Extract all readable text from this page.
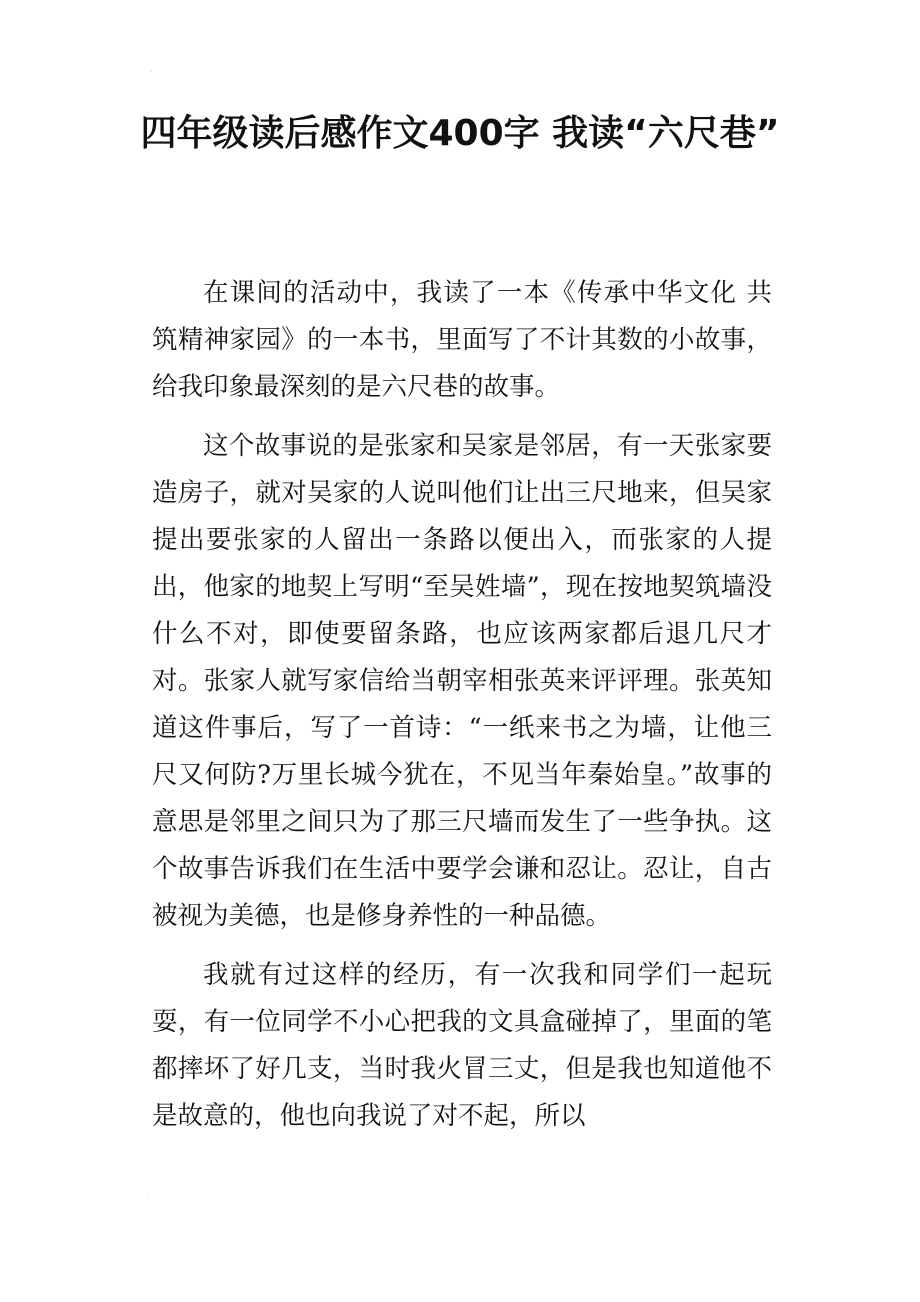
·
四年级读后感作文400字 我读“六尺巷”

在课间的活动中，我读了一本《传承中华文化 共筑精神家园》的一本书，里面写了不计其数的小故事，给我印象最深刻的是六尺巷的故事。

这个故事说的是张家和吴家是邻居，有一天张家要造房子，就对吴家的人说叫他们让出三尺地来，但吴家提出要张家的人留出一条路以便出入，而张家的人提出，他家的地契上写明“至吴姓墙”，现在按地契筑墙没什么不对，即使要留条路，也应该两家都后退几尺才对。张家人就写家信给当朝宰相张英来评评理。张英知道这件事后，写了一首诗：“一纸来书之为墙，让他三尺又何防?万里长城今犹在，不见当年秦始皇。”故事的意思是邻里之间只为了那三尺墙而发生了一些争执。这个故事告诉我们在生活中要学会谦和忍让。忍让，自古被视为美德，也是修身养性的一种品德。

我就有过这样的经历，有一次我和同学们一起玩耍，有一位同学不小心把我的文具盒碰掉了，里面的笔都摔坏了好几支，当时我火冒三丈，但是我也知道他不是故意的，他也向我说了对不起，所以

·
